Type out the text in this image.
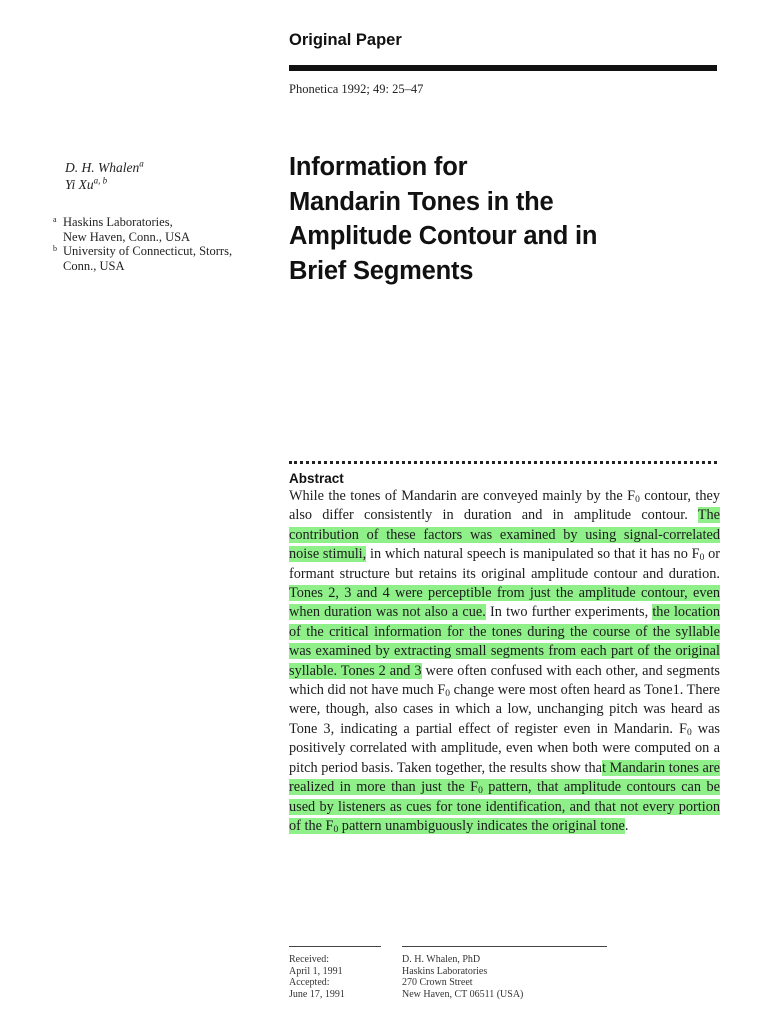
Original Paper
Phonetica 1992; 49: 25–47
D. H. Whalen$^a$
Yi Xu$^{a, b}$
a Haskins Laboratories,
New Haven, Conn., USA
b University of Connecticut, Storrs,
Conn., USA
Information for
Mandarin Tones in the
Amplitude Contour and in
Brief Segments
Abstract
While the tones of Mandarin are conveyed mainly by the $F_0$ contour, they also differ consistently in duration and in amplitude contour. The contribution of these factors was examined by using signal-correlated noise stimuli, in which natural speech is manipulated so that it has no $F_0$ or formant structure but retains its original amplitude contour and duration. Tones 2, 3 and 4 were perceptible from just the amplitude contour, even when duration was not also a cue. In two further experiments, the location of the critical information for the tones during the course of the syllable was examined by extracting small segments from each part of the original syllable. Tones 2 and 3 were often confused with each other, and segments which did not have much $F_0$ change were most often heard as Tone1. There were, though, also cases in which a low, unchanging pitch was heard as Tone 3, indicating a partial effect of register even in Mandarin. $F_0$ was positively correlated with amplitude, even when both were computed on a pitch period basis. Taken together, the results show that Mandarin tones are realized in more than just the $F_0$ pattern, that amplitude contours can be used by listeners as cues for tone identification, and that not every portion of the $F_0$ pattern unambiguously indicates the original tone.
Received:
April 1, 1991
Accepted:
June 17, 1991
D. H. Whalen, PhD
Haskins Laboratories
270 Crown Street
New Haven, CT 06511 (USA)
